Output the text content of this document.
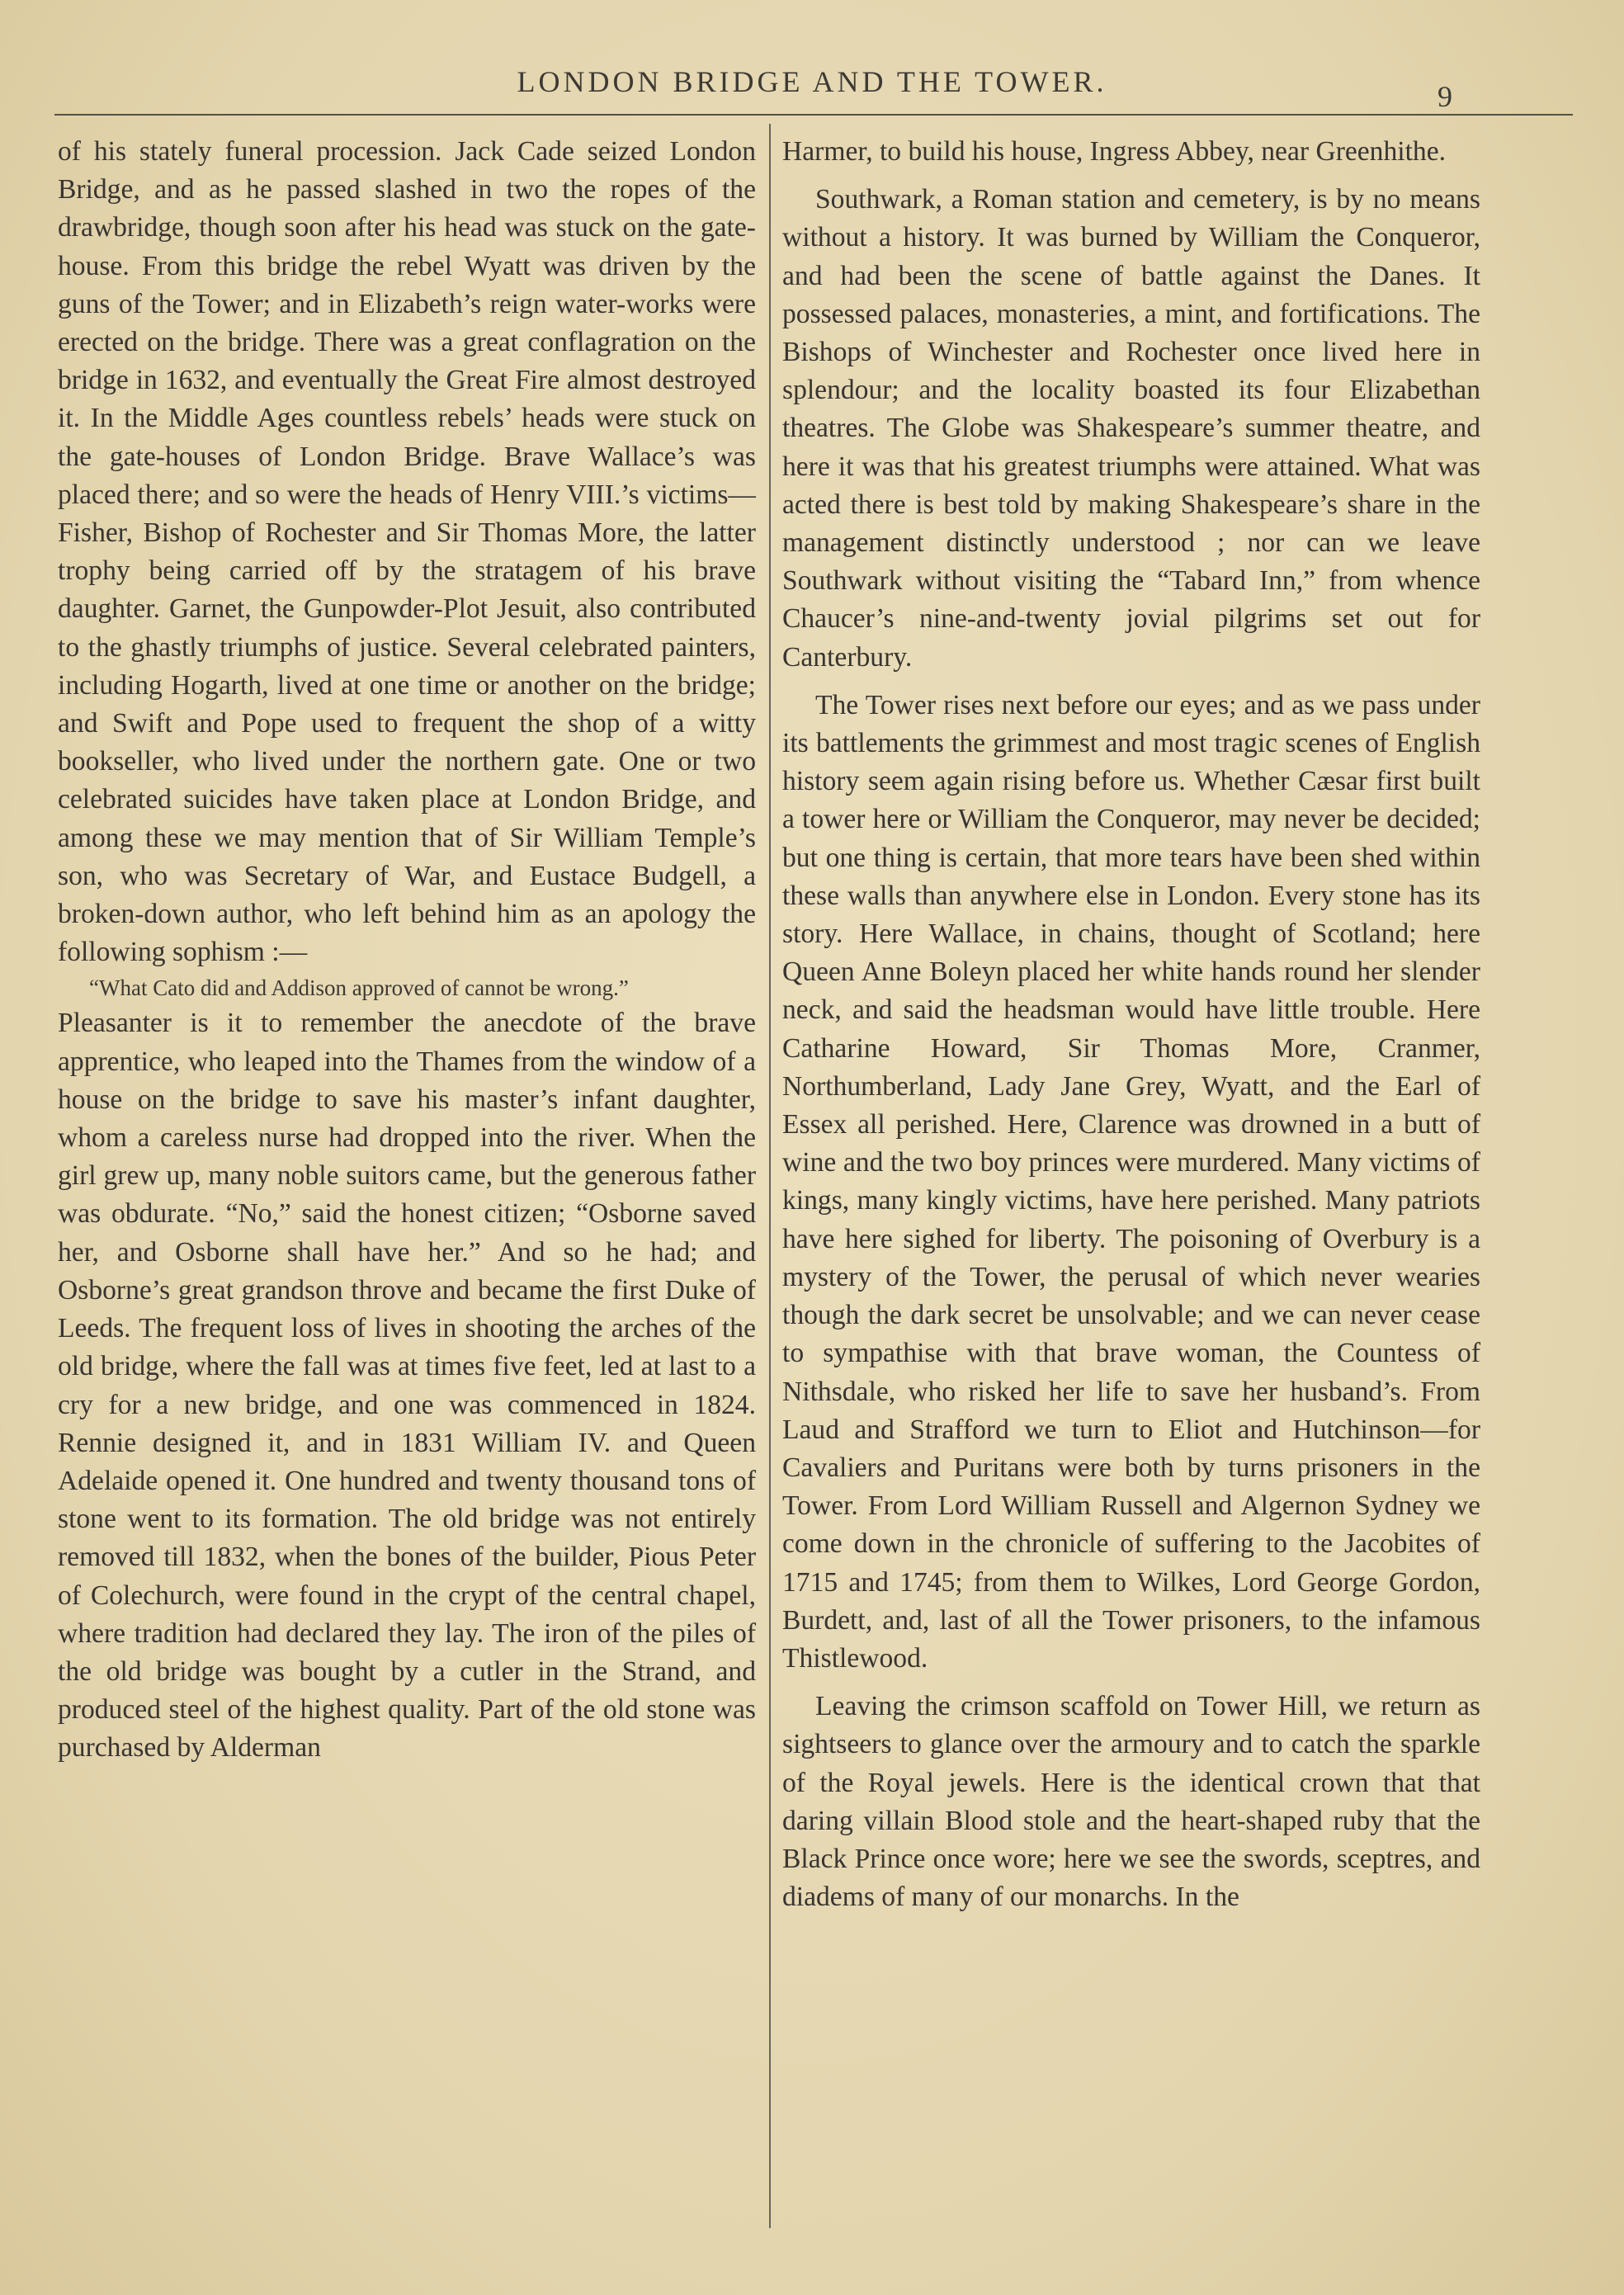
LONDON BRIDGE AND THE TOWER.	9

of his stately funeral procession. Jack Cade seized London Bridge, and as he passed slashed in two the ropes of the drawbridge, though soon after his head was stuck on the gate-house. From this bridge the rebel Wyatt was driven by the guns of the Tower; and in Elizabeth’s reign water-works were erected on the bridge. There was a great conflagration on the bridge in 1632, and eventually the Great Fire almost destroyed it. In the Middle Ages countless rebels’ heads were stuck on the gate-houses of London Bridge. Brave Wallace’s was placed there; and so were the heads of Henry VIII.’s victims—Fisher, Bishop of Rochester and Sir Thomas More, the latter trophy being carried off by the stratagem of his brave daughter. Garnet, the Gunpowder-Plot Jesuit, also contributed to the ghastly triumphs of justice. Several celebrated painters, including Hogarth, lived at one time or another on the bridge; and Swift and Pope used to frequent the shop of a witty bookseller, who lived under the northern gate. One or two celebrated suicides have taken place at London Bridge, and among these we may mention that of Sir William Temple’s son, who was Secretary of War, and Eustace Budgell, a broken-down author, who left behind him as an apology the following sophism :—

“What Cato did and Addison approved of cannot be wrong.”

Pleasanter is it to remember the anecdote of the brave apprentice, who leaped into the Thames from the window of a house on the bridge to save his master’s infant daughter, whom a careless nurse had dropped into the river. When the girl grew up, many noble suitors came, but the generous father was obdurate. “No,” said the honest citizen; “Osborne saved her, and Osborne shall have her.” And so he had; and Osborne’s great grandson throve and became the first Duke of Leeds. The frequent loss of lives in shooting the arches of the old bridge, where the fall was at times five feet, led at last to a cry for a new bridge, and one was commenced in 1824. Rennie designed it, and in 1831 William IV. and Queen Adelaide opened it. One hundred and twenty thousand tons of stone went to its formation. The old bridge was not entirely removed till 1832, when the bones of the builder, Pious Peter of Colechurch, were found in the crypt of the central chapel, where tradition had declared they lay. The iron of the piles of the old bridge was bought by a cutler in the Strand, and produced steel of the highest quality. Part of the old stone was purchased by Alderman

Harmer, to build his house, Ingress Abbey, near Greenhithe.

Southwark, a Roman station and cemetery, is by no means without a history. It was burned by William the Conqueror, and had been the scene of battle against the Danes. It possessed palaces, monasteries, a mint, and fortifications. The Bishops of Winchester and Rochester once lived here in splendour; and the locality boasted its four Elizabethan theatres. The Globe was Shakespeare’s summer theatre, and here it was that his greatest triumphs were attained. What was acted there is best told by making Shakespeare’s share in the management distinctly understood ; nor can we leave Southwark without visiting the “Tabard Inn,” from whence Chaucer’s nine-and-twenty jovial pilgrims set out for Canterbury.

The Tower rises next before our eyes; and as we pass under its battlements the grimmest and most tragic scenes of English history seem again rising before us. Whether Cæsar first built a tower here or William the Conqueror, may never be decided; but one thing is certain, that more tears have been shed within these walls than anywhere else in London. Every stone has its story. Here Wallace, in chains, thought of Scotland; here Queen Anne Boleyn placed her white hands round her slender neck, and said the headsman would have little trouble. Here Catharine Howard, Sir Thomas More, Cranmer, Northumberland, Lady Jane Grey, Wyatt, and the Earl of Essex all perished. Here, Clarence was drowned in a butt of wine and the two boy princes were murdered. Many victims of kings, many kingly victims, have here perished. Many patriots have here sighed for liberty. The poisoning of Overbury is a mystery of the Tower, the perusal of which never wearies though the dark secret be unsolvable; and we can never cease to sympathise with that brave woman, the Countess of Nithsdale, who risked her life to save her husband’s. From Laud and Strafford we turn to Eliot and Hutchinson—for Cavaliers and Puritans were both by turns prisoners in the Tower. From Lord William Russell and Algernon Sydney we come down in the chronicle of suffering to the Jacobites of 1715 and 1745; from them to Wilkes, Lord George Gordon, Burdett, and, last of all the Tower prisoners, to the infamous Thistlewood.

Leaving the crimson scaffold on Tower Hill, we return as sightseers to glance over the armoury and to catch the sparkle of the Royal jewels. Here is the identical crown that that daring villain Blood stole and the heart-shaped ruby that the Black Prince once wore; here we see the swords, sceptres, and diadems of many of our monarchs. In the
